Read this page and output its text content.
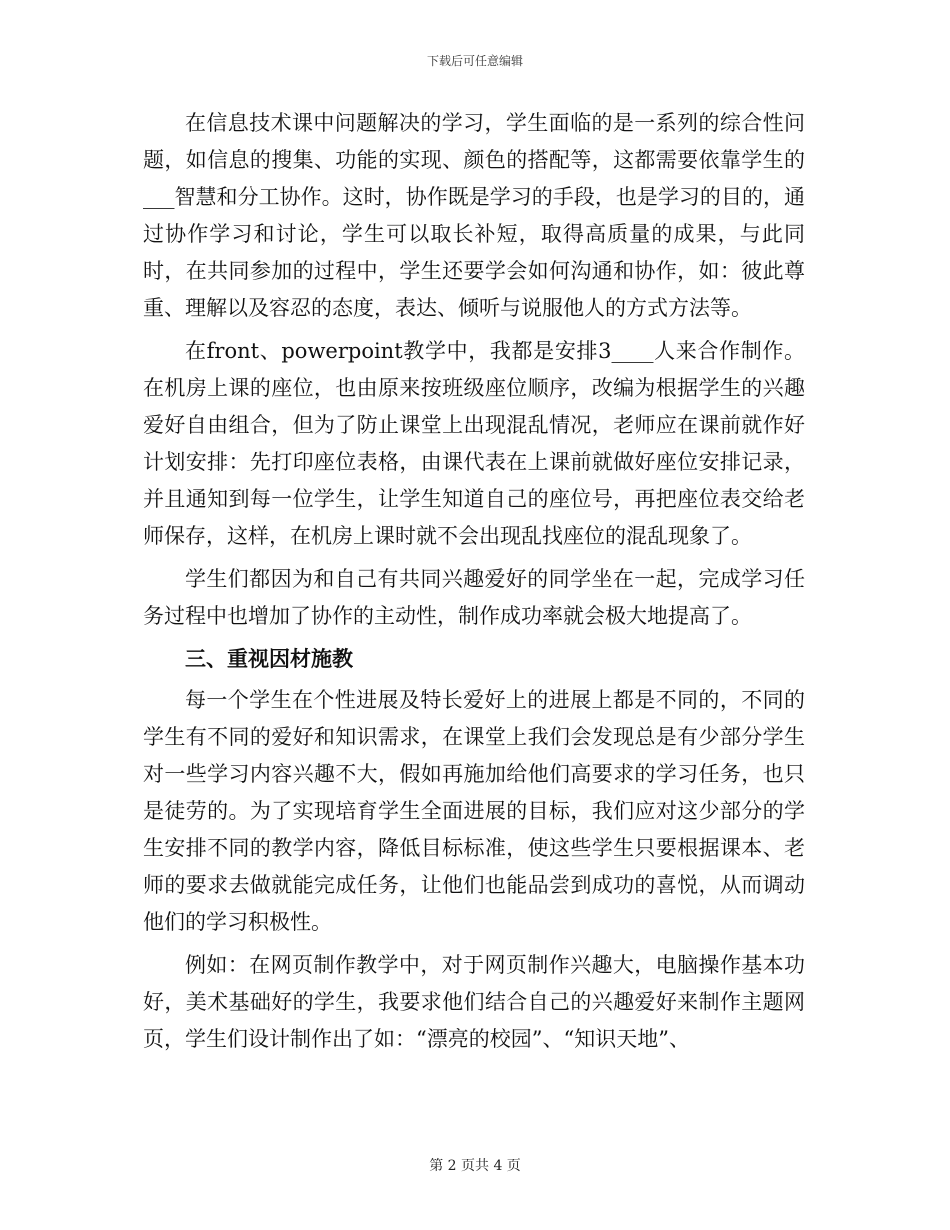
下载后可任意编辑

在信息技术课中问题解决的学习，学生面临的是一系列的综合性问题，如信息的搜集、功能的实现、颜色的搭配等，这都需要依靠学生的___智慧和分工协作。这时，协作既是学习的手段，也是学习的目的，通过协作学习和讨论，学生可以取长补短，取得高质量的成果，与此同时，在共同参加的过程中，学生还要学会如何沟通和协作，如：彼此尊重、理解以及容忍的态度，表达、倾听与说服他人的方式方法等。

在front、powerpoint教学中，我都是安排3____人来合作制作。在机房上课的座位，也由原来按班级座位顺序，改编为根据学生的兴趣爱好自由组合，但为了防止课堂上出现混乱情况，老师应在课前就作好计划安排：先打印座位表格，由课代表在上课前就做好座位安排记录，并且通知到每一位学生，让学生知道自己的座位号，再把座位表交给老师保存，这样，在机房上课时就不会出现乱找座位的混乱现象了。

学生们都因为和自己有共同兴趣爱好的同学坐在一起，完成学习任务过程中也增加了协作的主动性，制作成功率就会极大地提高了。

三、重视因材施教

每一个学生在个性进展及特长爱好上的进展上都是不同的，不同的学生有不同的爱好和知识需求，在课堂上我们会发现总是有少部分学生对一些学习内容兴趣不大，假如再施加给他们高要求的学习任务，也只是徒劳的。为了实现培育学生全面进展的目标，我们应对这少部分的学生安排不同的教学内容，降低目标标准，使这些学生只要根据课本、老师的要求去做就能完成任务，让他们也能品尝到成功的喜悦，从而调动他们的学习积极性。

例如：在网页制作教学中，对于网页制作兴趣大，电脑操作基本功好，美术基础好的学生，我要求他们结合自己的兴趣爱好来制作主题网页，学生们设计制作出了如：“漂亮的校园”、“知识天地”、

第 2 页共 4 页
